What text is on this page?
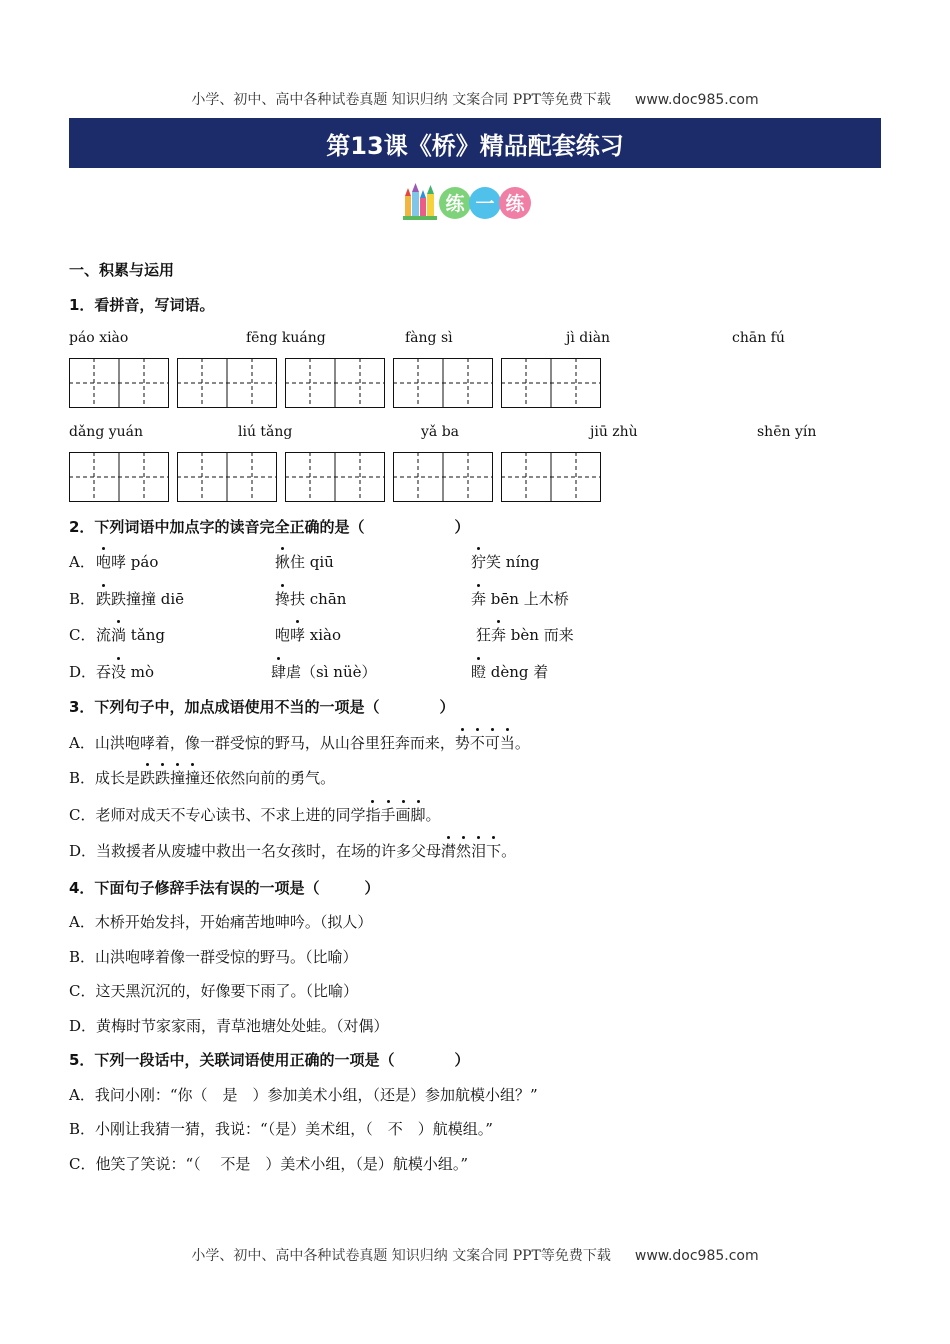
小学、初中、高中各种试卷真题 知识归纳 文案合同 PPT等免费下载 www.doc985.com
第13课《桥》精品配套练习
练 一 练
一、积累与运用
1．看拼音，写词语。
páo xiào	fēng kuáng	fàng sì	jì diàn	chān fú
dǎng yuán	liú tǎng	yǎ ba	jiū zhù	shēn yín
2．下列词语中加点字的读音完全正确的是（　　　　　　）
A． 咆哮 páo	揪住 qiū	狞笑 níng
B． 跌跌撞撞 diē	搀扶 chān	奔 bēn 上木桥
C． 流淌 tǎng	咆哮 xiào	狂奔 bèn 而来
D． 吞没 mò	肆虐（sì nüè）	瞪 dèng 着
3．下列句子中，加点成语使用不当的一项是（　　　　）
A．山洪咆哮着，像一群受惊的野马，从山谷里狂奔而来，势不可当。
B．成长是跌跌撞撞还依然向前的勇气。
C．老师对成天不专心读书、不求上进的同学指手画脚。
D．当救援者从废墟中救出一名女孩时，在场的许多父母潸然泪下。
4．下面句子修辞手法有误的一项是（　　　）
A．木桥开始发抖，开始痛苦地呻吟。（拟人）
B．山洪咆哮着像一群受惊的野马。（比喻）
C．这天黑沉沉的，好像要下雨了。（比喻）
D．黄梅时节家家雨，青草池塘处处蛙。（对偶）
5．下列一段话中，关联词语使用正确的一项是（　　　　）
A．我问小刚：“你（　是　）参加美术小组，（还是）参加航模小组？”
B．小刚让我猜一猜，我说：“（是）美术组，（　不　）航模组。”
C．他笑了笑说：“（　 不是　）美术小组，（是）航模小组。”
小学、初中、高中各种试卷真题 知识归纳 文案合同 PPT等免费下载 www.doc985.com
